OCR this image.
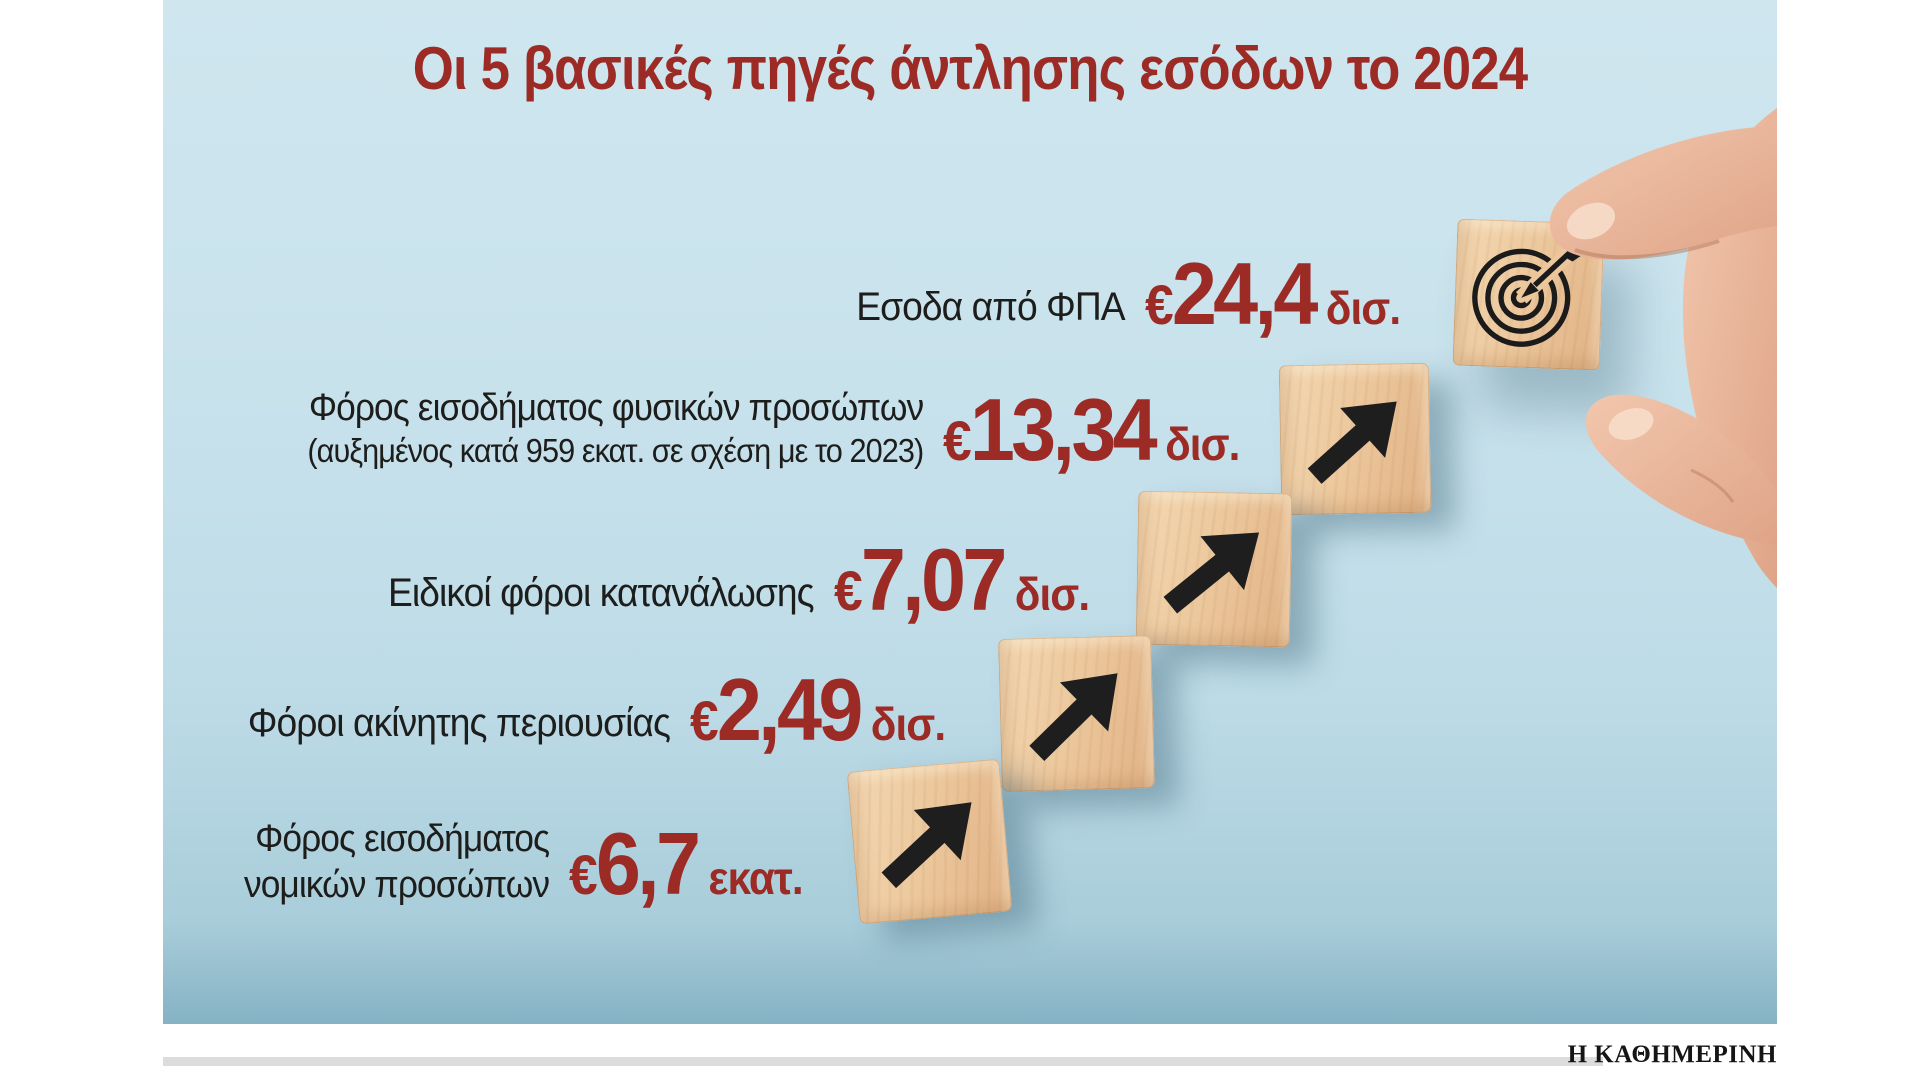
Οι 5 βασικές πηγές άντλησης εσόδων το 2024
Εσοδα από ΦΠΑ € 24,4 δισ.
Φόρος εισοδήματος φυσικών προσώπων
(αυξημένος κατά 959 εκατ. σε σχέση με το 2023) € 13,34 δισ.
Ειδικοί φόροι κατανάλωσης € 7,07 δισ.
Φόροι ακίνητης περιουσίας € 2,49 δισ.
Φόρος εισοδήματος
νομικών προσώπων € 6,7 εκατ.
Η ΚΑΘΗΜΕΡΙΝΗ
